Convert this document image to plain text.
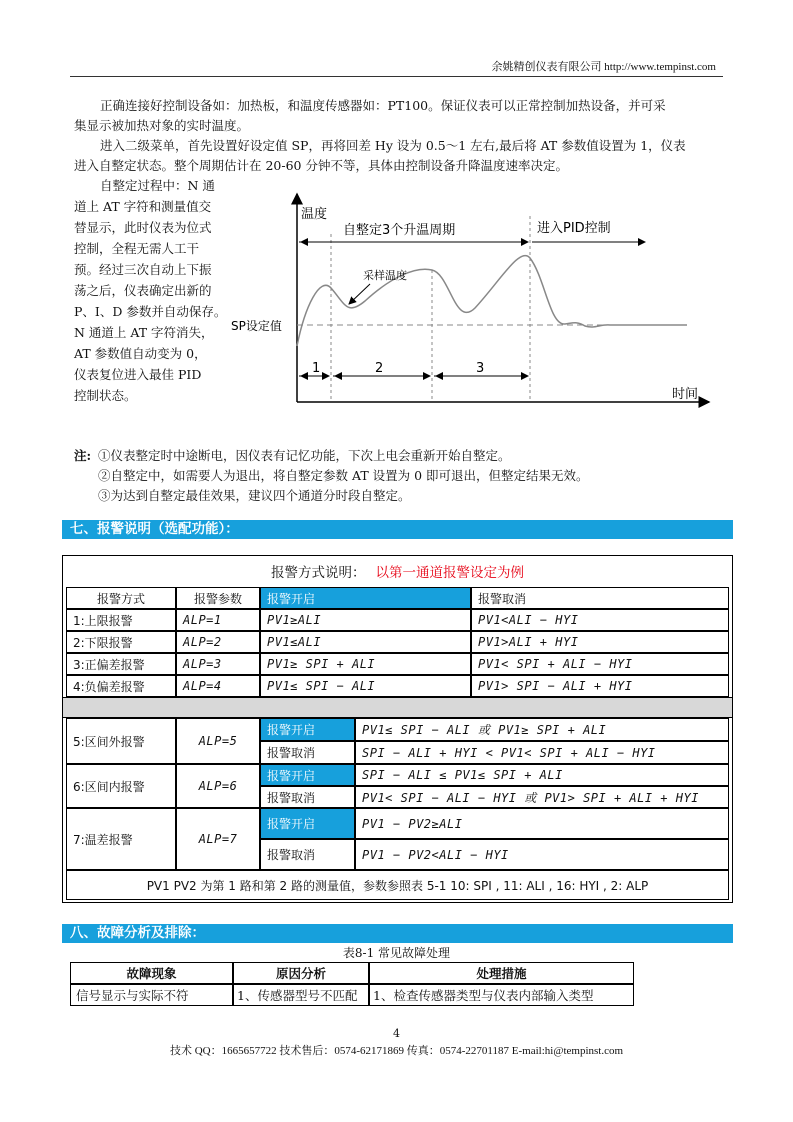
余姚精创仪表有限公司 http://www.tempinst.com
正确连接好控制设备如：加热板，和温度传感器如：PT100。保证仪表可以正常控制加热设备，并可采
集显示被加热对象的实时温度。
进入二级菜单，首先设置好设定值 SP，再将回差 Hy 设为 0.5～1 左右,最后将 AT 参数值设置为 1，仪表
进入自整定状态。整个周期估计在 20-60 分钟不等，具体由控制设备升降温度速率决定。
自整定过程中：N 通
道上 AT 字符和测量值交
替显示，此时仪表为位式
控制，全程无需人工干
预。经过三次自动上下振
荡之后，仪表确定出新的
P、I、D 参数并自动保存。
N 通道上 AT 字符消失，
AT 参数值自动变为 0，
仪表复位进入最佳 PID
控制状态。
温度
时间
SP设定值
采样温度
自整定3个升温周期	进入PID控制
1	2	3
注: ①仪表整定时中途断电，因仪表有记忆功能，下次上电会重新开始自整定。
②自整定中，如需要人为退出，将自整定参数 AT 设置为 0 即可退出，但整定结果无效。
③为达到自整定最佳效果，建议四个通道分时段自整定。
七、报警说明（选配功能）：
报警方式说明： 以第一通道报警设定为例
报警方式	报警参数	报警开启	报警取消
1:上限报警	ALP=1	PV1≥ALI	PV1<ALI − HYI
2:下限报警	ALP=2	PV1≤ALI	PV1>ALI + HYI
3:正偏差报警	ALP=3	PV1≥ SPI + ALI	PV1< SPI + ALI − HYI
4:负偏差报警	ALP=4	PV1≤ SPI − ALI	PV1> SPI − ALI + HYI
5:区间外报警	ALP=5
报警开启	PV1≤ SPI − ALI 或 PV1≥ SPI + ALI
报警取消	SPI − ALI + HYI < PV1< SPI + ALI − HYI
6:区间内报警	ALP=6
报警开启	SPI − ALI ≤ PV1≤ SPI + ALI
报警取消	PV1< SPI − ALI − HYI 或 PV1> SPI + ALI + HYI
7:温差报警	ALP=7
报警开启	PV1 − PV2≥ALI
报警取消	PV1 − PV2<ALI − HYI
PV1 PV2 为第 1 路和第 2 路的测量值，参数参照表 5-1 10: SPI , 11: ALI , 16: HYI , 2: ALP
八、故障分析及排除：
表8-1 常见故障处理
故障现象	原因分析	处理措施
信号显示与实际不符	1、传感器型号不匹配	1、检查传感器类型与仪表内部输入类型
4
技术 QQ：1665657722 技术售后：0574-62171869 传真：0574-22701187 E-mail:hi@tempinst.com
